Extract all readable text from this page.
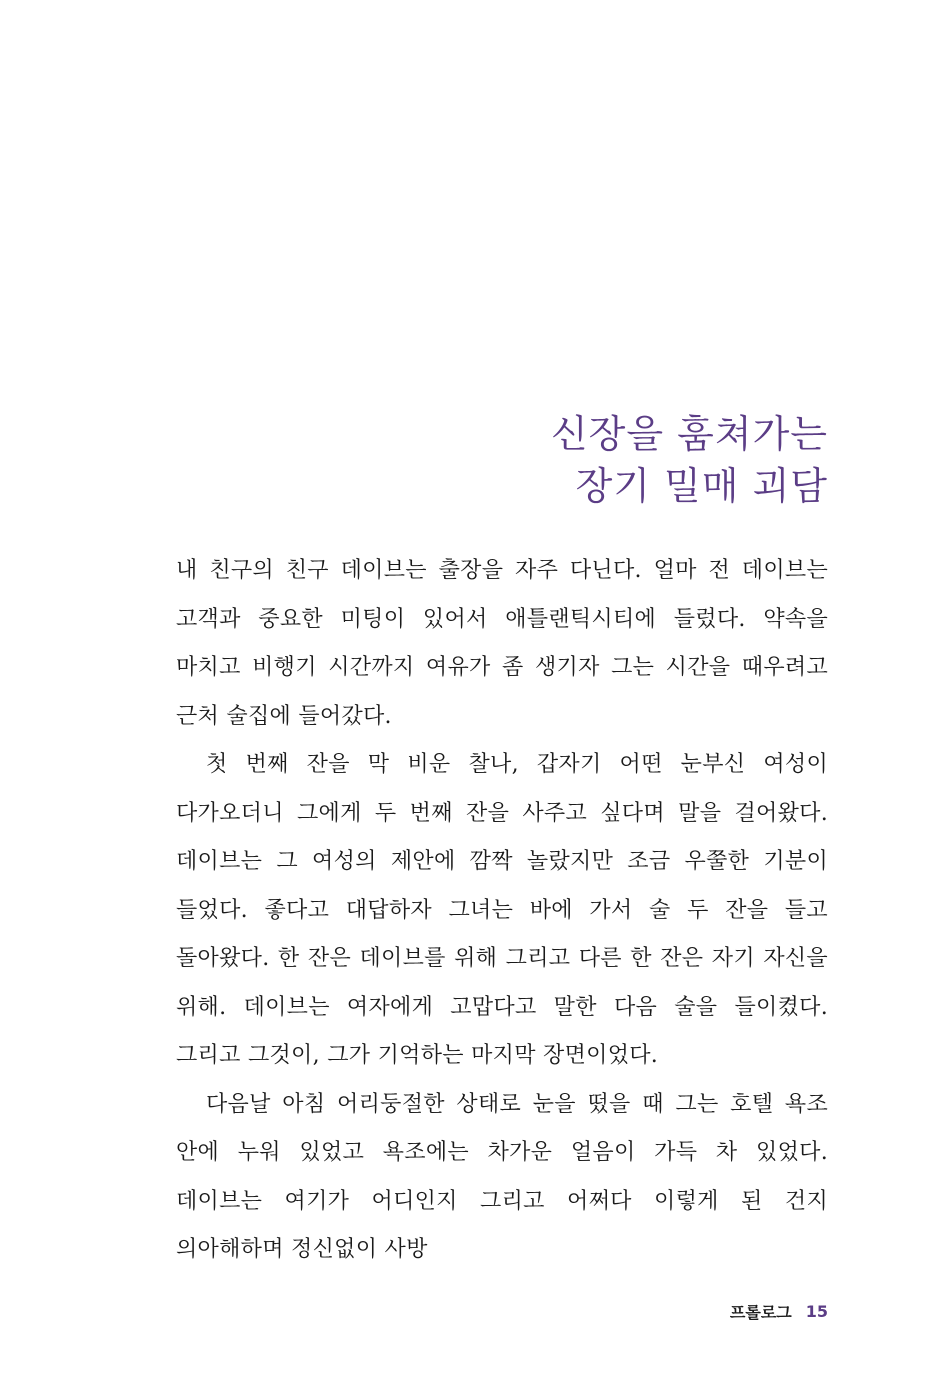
신장을 훔쳐가는
장기 밀매 괴담

내 친구의 친구 데이브는 출장을 자주 다닌다. 얼마 전 데이브는 고객과 중요한 미팅이 있어서 애틀랜틱시티에 들렀다. 약속을 마치고 비행기 시간까지 여유가 좀 생기자 그는 시간을 때우려고 근처 술집에 들어갔다.

첫 번째 잔을 막 비운 찰나, 갑자기 어떤 눈부신 여성이 다가오더니 그에게 두 번째 잔을 사주고 싶다며 말을 걸어왔다. 데이브는 그 여성의 제안에 깜짝 놀랐지만 조금 우쭐한 기분이 들었다. 좋다고 대답하자 그녀는 바에 가서 술 두 잔을 들고 돌아왔다. 한 잔은 데이브를 위해 그리고 다른 한 잔은 자기 자신을 위해. 데이브는 여자에게 고맙다고 말한 다음 술을 들이켰다. 그리고 그것이, 그가 기억하는 마지막 장면이었다.

다음날 아침 어리둥절한 상태로 눈을 떴을 때 그는 호텔 욕조 안에 누워 있었고 욕조에는 차가운 얼음이 가득 차 있었다. 데이브는 여기가 어디인지 그리고 어쩌다 이렇게 된 건지 의아해하며 정신없이 사방

프롤로그 15
